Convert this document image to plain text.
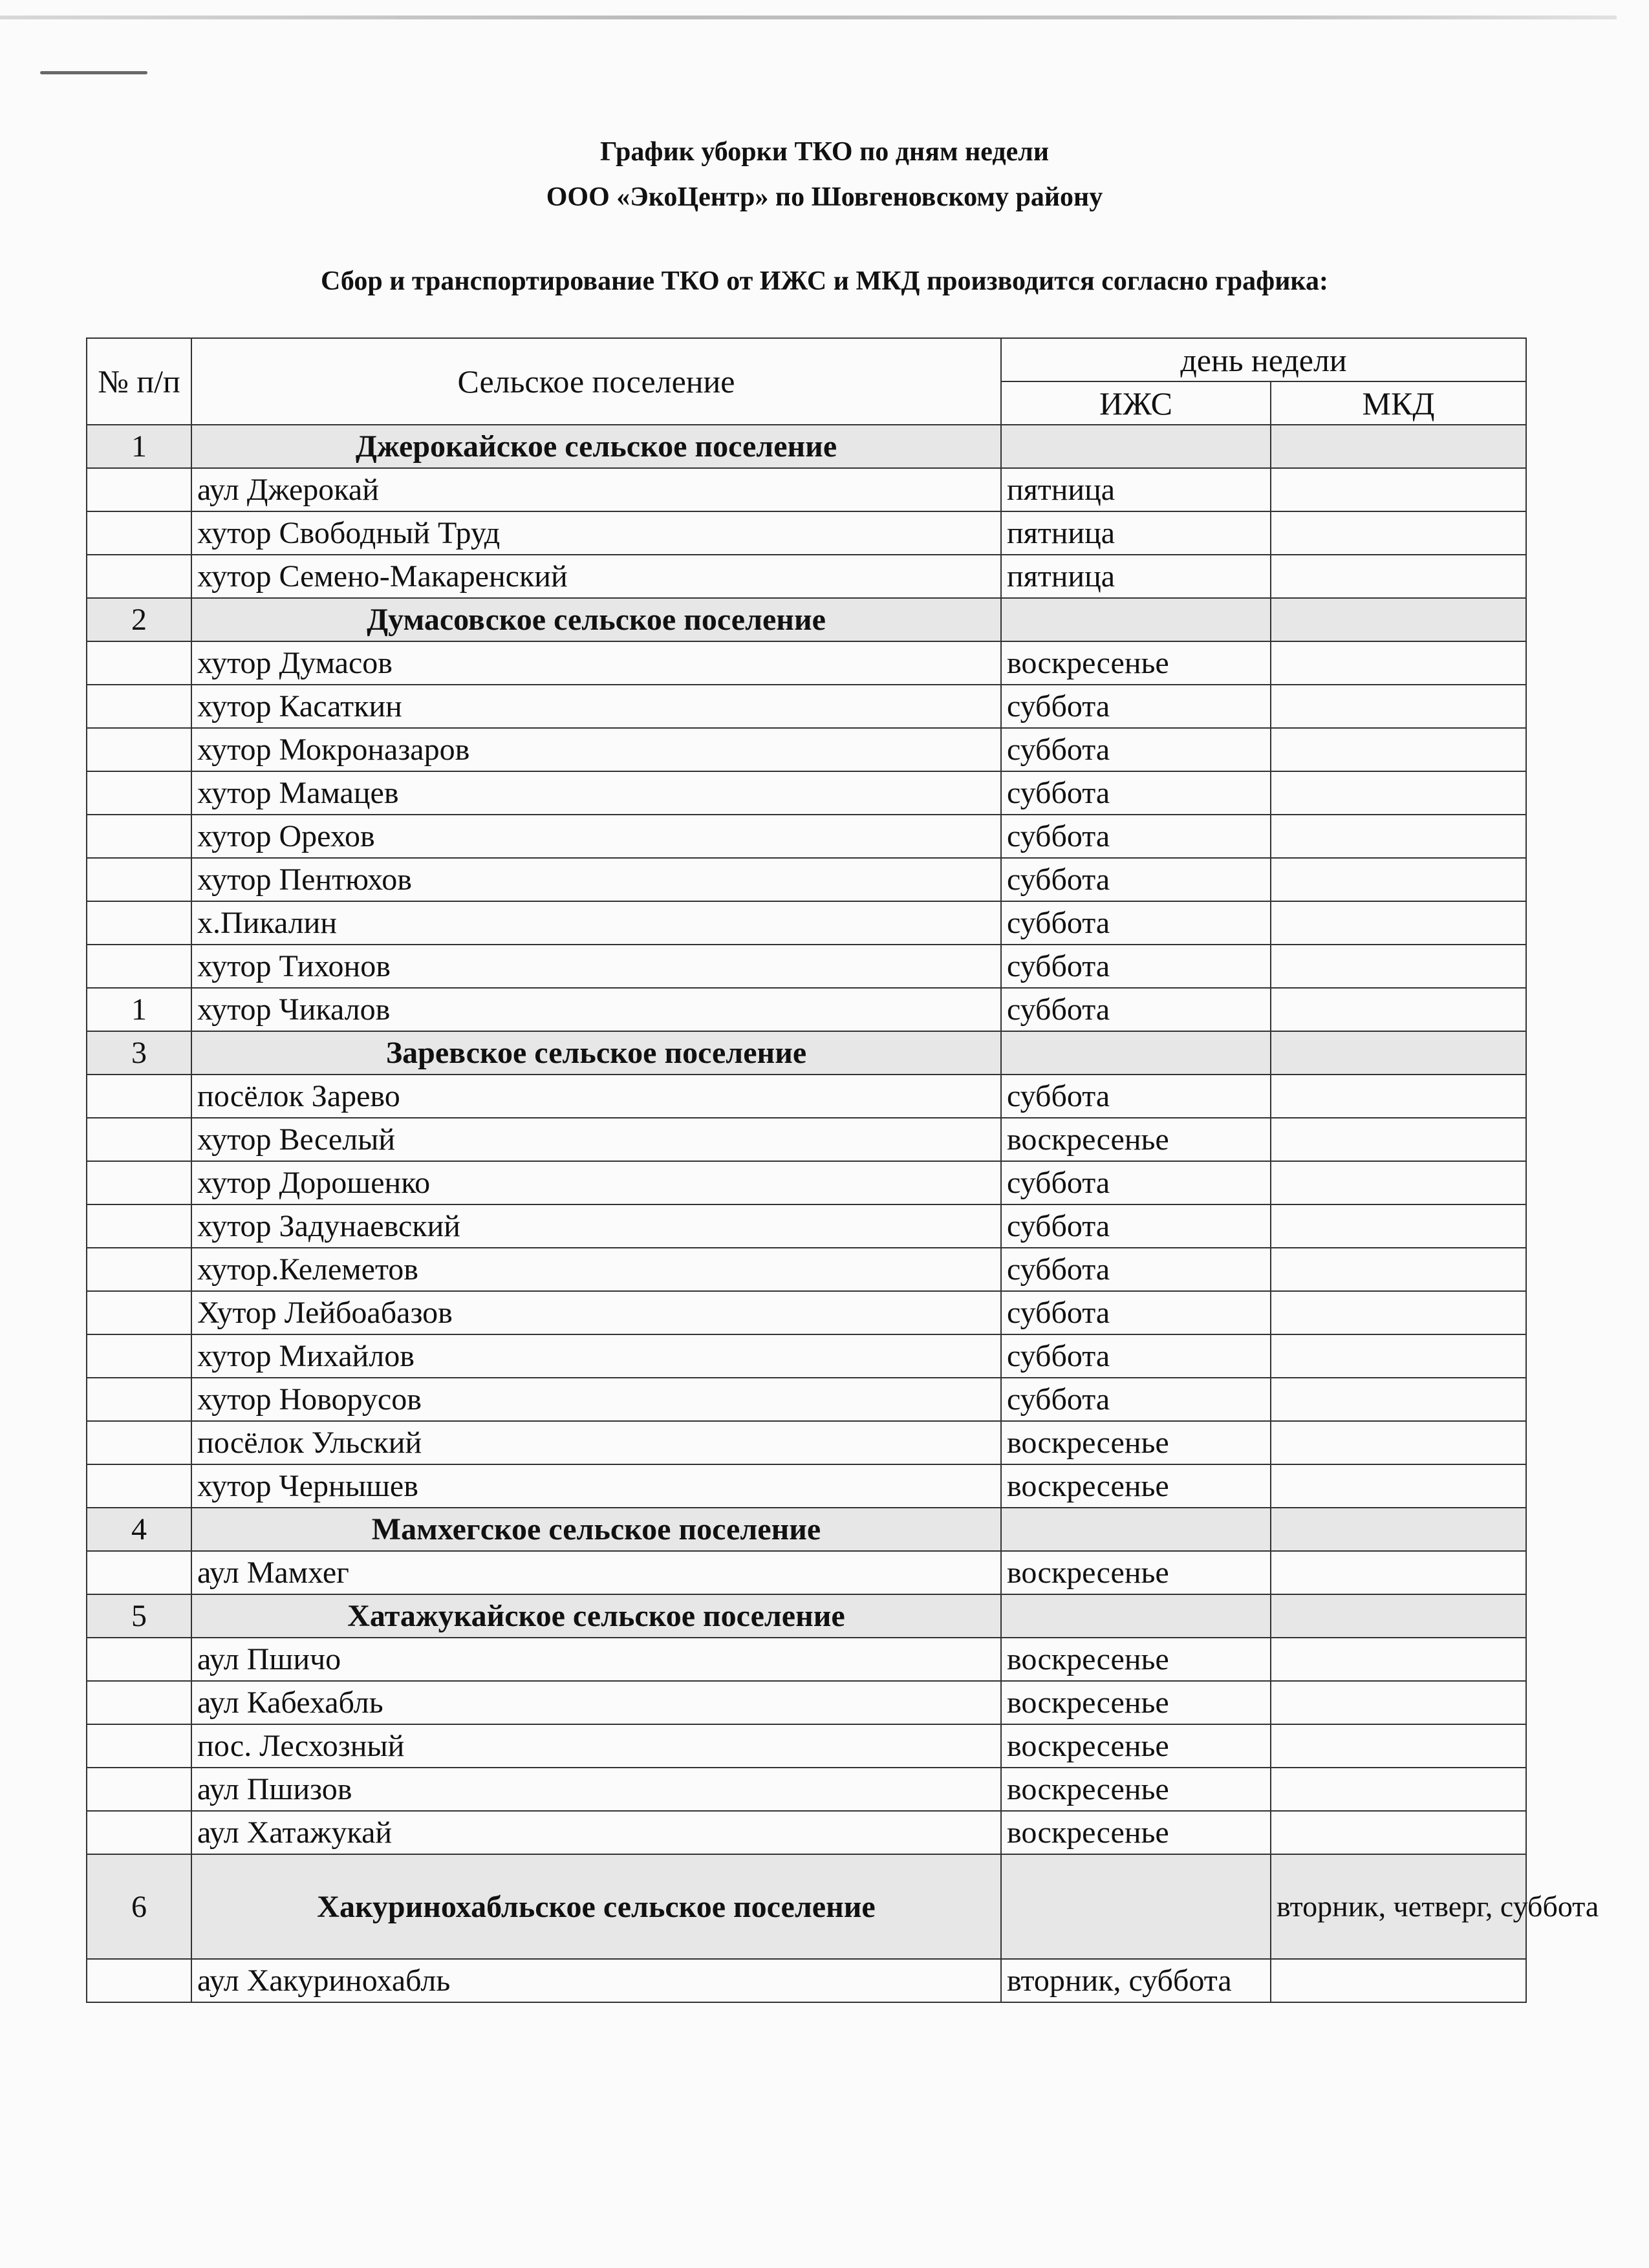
График уборки ТКО по дням недели

ООО «ЭкоЦентр» по Шовгеновскому району

Сбор и транспортирование ТКО от ИЖС и МКД производится согласно графика:

№ п/п	Сельское поселение	день недели	
		ИЖС	МКД
1	Джерокайское сельское поселение		
	аул Джерокай	пятница	
	хутор Свободный Труд	пятница	
	хутор Семено-Макаренский	пятница	
2	Думасовское сельское поселение		
	хутор Думасов	воскресенье	
	хутор Касаткин	суббота	
	хутор Мокроназаров	суббота	
	хутор Мамацев	суббота	
	хутор Орехов	суббота	
	хутор Пентюхов	суббота	
	х.Пикалин	суббота	
	хутор Тихонов	суббота	
1	хутор Чикалов	суббота	
3	Заревское сельское поселение		
	посёлок Зарево	суббота	
	хутор Веселый	воскресенье	
	хутор Дорошенко	суббота	
	хутор Задунаевский	суббота	
	хутор.Келеметов	суббота	
	Хутор Лейбоабазов	суббота	
	хутор Михайлов	суббота	
	хутор Новорусов	суббота	
	посёлок Ульский	воскресенье	
	хутор Чернышев	воскресенье	
4	Мамхегское сельское поселение		
	аул Мамхег	воскресенье	
5	Хатажукайское сельское поселение		
	аул Пшичо	воскресенье	
	аул Кабехабль	воскресенье	
	пос. Лесхозный	воскресенье	
	аул Пшизов	воскресенье	
	аул Хатажукай	воскресенье	
6	Хакуринохабльское сельское поселение		вторник, четверг, суббота
	аул Хакуринохабль	вторник, суббота	
